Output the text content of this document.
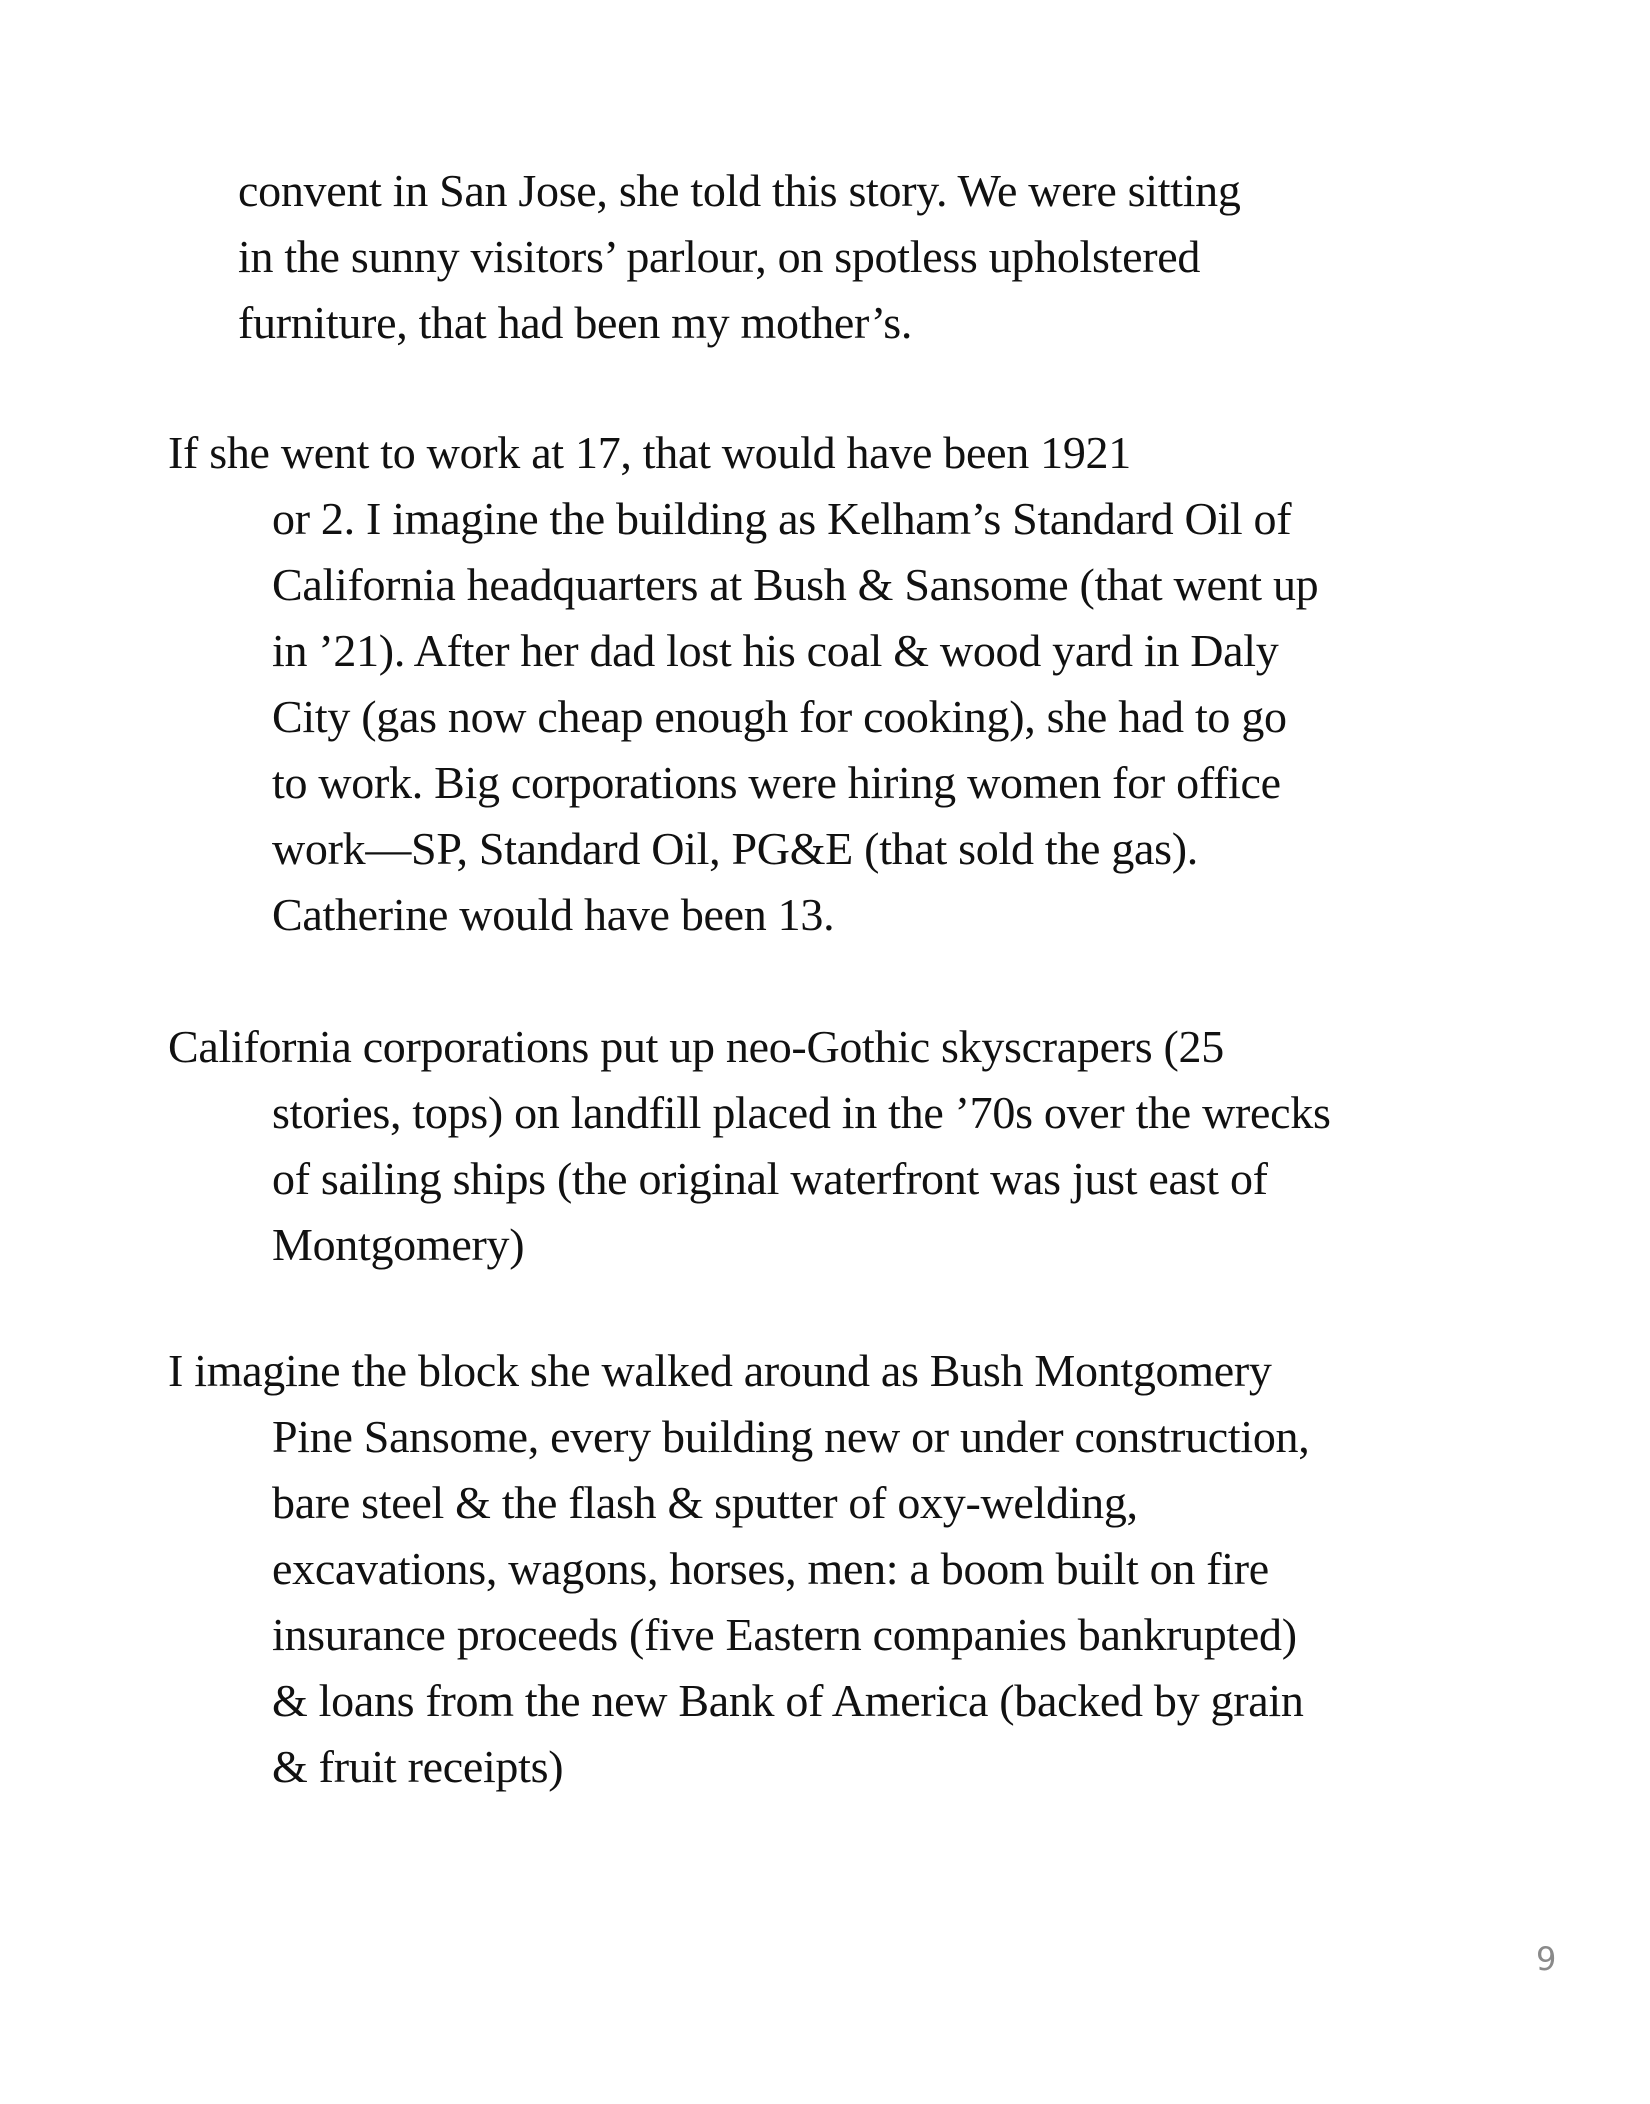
convent in San Jose, she told this story. We were sitting
in the sunny visitors’ parlour, on spotless upholstered
furniture, that had been my mother’s.

If she went to work at 17, that would have been 1921
or 2. I imagine the building as Kelham’s Standard Oil of
California headquarters at Bush & Sansome (that went up
in ’21). After her dad lost his coal & wood yard in Daly
City (gas now cheap enough for cooking), she had to go
to work. Big corporations were hiring women for office
work—SP, Standard Oil, PG&E (that sold the gas).
Catherine would have been 13.

California corporations put up neo-Gothic skyscrapers (25
stories, tops) on landfill placed in the ’70s over the wrecks
of sailing ships (the original waterfront was just east of
Montgomery)

I imagine the block she walked around as Bush Montgomery
Pine Sansome, every building new or under construction,
bare steel & the flash & sputter of oxy-welding,
excavations, wagons, horses, men: a boom built on fire
insurance proceeds (five Eastern companies bankrupted)
& loans from the new Bank of America (backed by grain
& fruit receipts)

9
